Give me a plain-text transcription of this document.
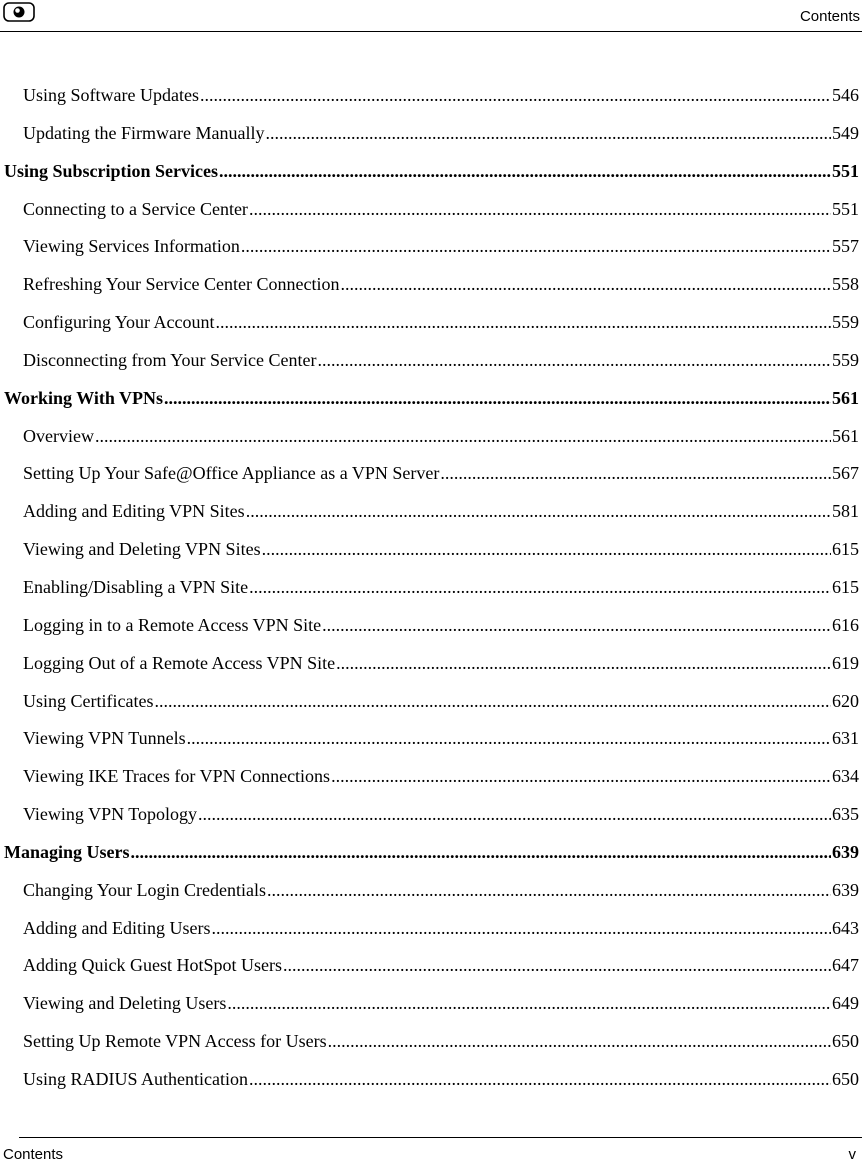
Contents
Using Software Updates .....	546
Updating the Firmware Manually .....	549
Using Subscription Services .....	551
Connecting to a Service Center .....	551
Viewing Services Information .....	557
Refreshing Your Service Center Connection .....	558
Configuring Your Account .....	559
Disconnecting from Your Service Center .....	559
Working With VPNs .....	561
Overview .....	561
Setting Up Your Safe@Office Appliance as a VPN Server .....	567
Adding and Editing VPN Sites .....	581
Viewing and Deleting VPN Sites .....	615
Enabling/Disabling a VPN Site .....	615
Logging in to a Remote Access VPN Site .....	616
Logging Out of a Remote Access VPN Site .....	619
Using Certificates .....	620
Viewing VPN Tunnels .....	631
Viewing IKE Traces for VPN Connections .....	634
Viewing VPN Topology .....	635
Managing Users .....	639
Changing Your Login Credentials .....	639
Adding and Editing Users .....	643
Adding Quick Guest HotSpot Users .....	647
Viewing and Deleting Users .....	649
Setting Up Remote VPN Access for Users .....	650
Using RADIUS Authentication .....	650
Contents	v
